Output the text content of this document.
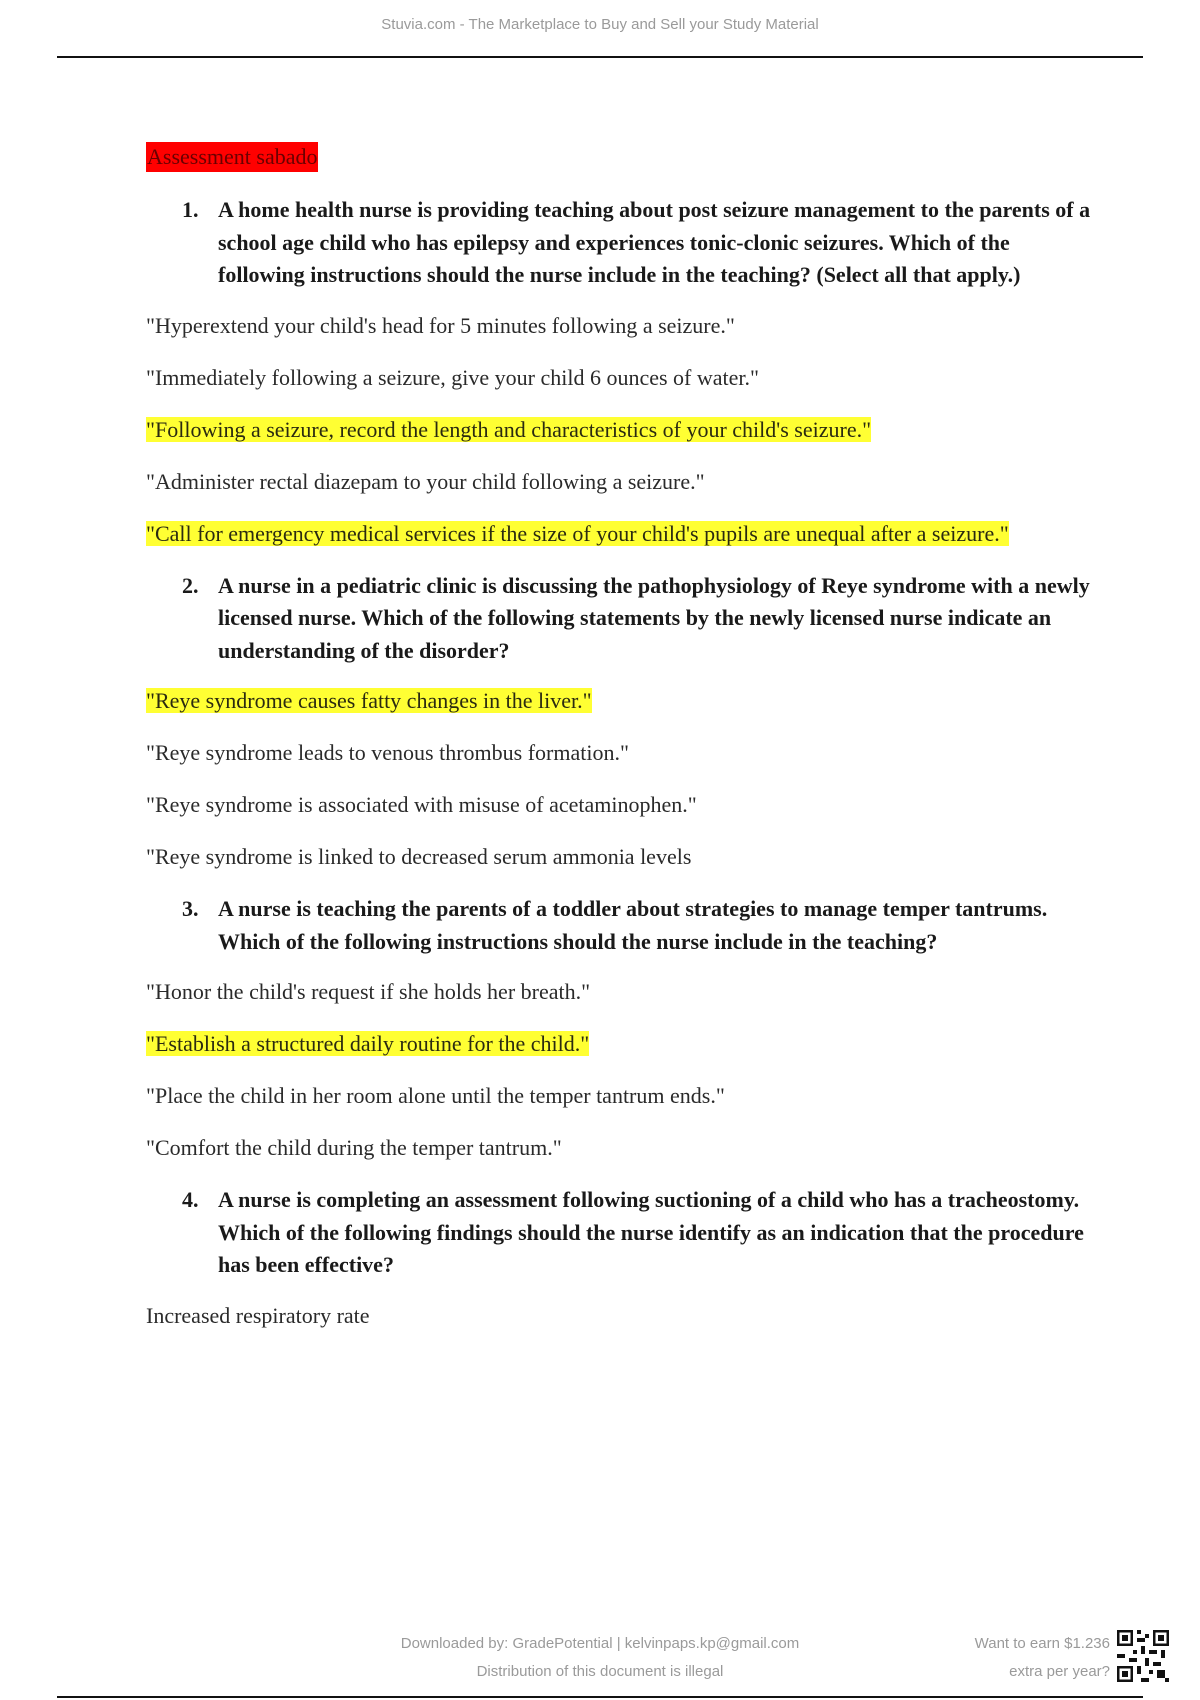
Stuvia.com - The Marketplace to Buy and Sell your Study Material
Assessment sabado
1. A home health nurse is providing teaching about post seizure management to the parents of a school age child who has epilepsy and experiences tonic-clonic seizures. Which of the following instructions should the nurse include in the teaching? (Select all that apply.)

"Hyperextend your child's head for 5 minutes following a seizure."

"Immediately following a seizure, give your child 6 ounces of water."

"Following a seizure, record the length and characteristics of your child's seizure."

"Administer rectal diazepam to your child following a seizure."

"Call for emergency medical services if the size of your child's pupils are unequal after a seizure."

2. A nurse in a pediatric clinic is discussing the pathophysiology of Reye syndrome with a newly licensed nurse. Which of the following statements by the newly licensed nurse indicate an understanding of the disorder?

"Reye syndrome causes fatty changes in the liver."

"Reye syndrome leads to venous thrombus formation."

"Reye syndrome is associated with misuse of acetaminophen."

"Reye syndrome is linked to decreased serum ammonia levels

3. A nurse is teaching the parents of a toddler about strategies to manage temper tantrums. Which of the following instructions should the nurse include in the teaching?

"Honor the child's request if she holds her breath."

"Establish a structured daily routine for the child."

"Place the child in her room alone until the temper tantrum ends."

"Comfort the child during the temper tantrum."

4. A nurse is completing an assessment following suctioning of a child who has a tracheostomy. Which of the following findings should the nurse identify as an indication that the procedure has been effective?

Increased respiratory rate

Downloaded by: GradePotential | kelvinpaps.kp@gmail.com
Distribution of this document is illegal
Want to earn $1.236
extra per year?
